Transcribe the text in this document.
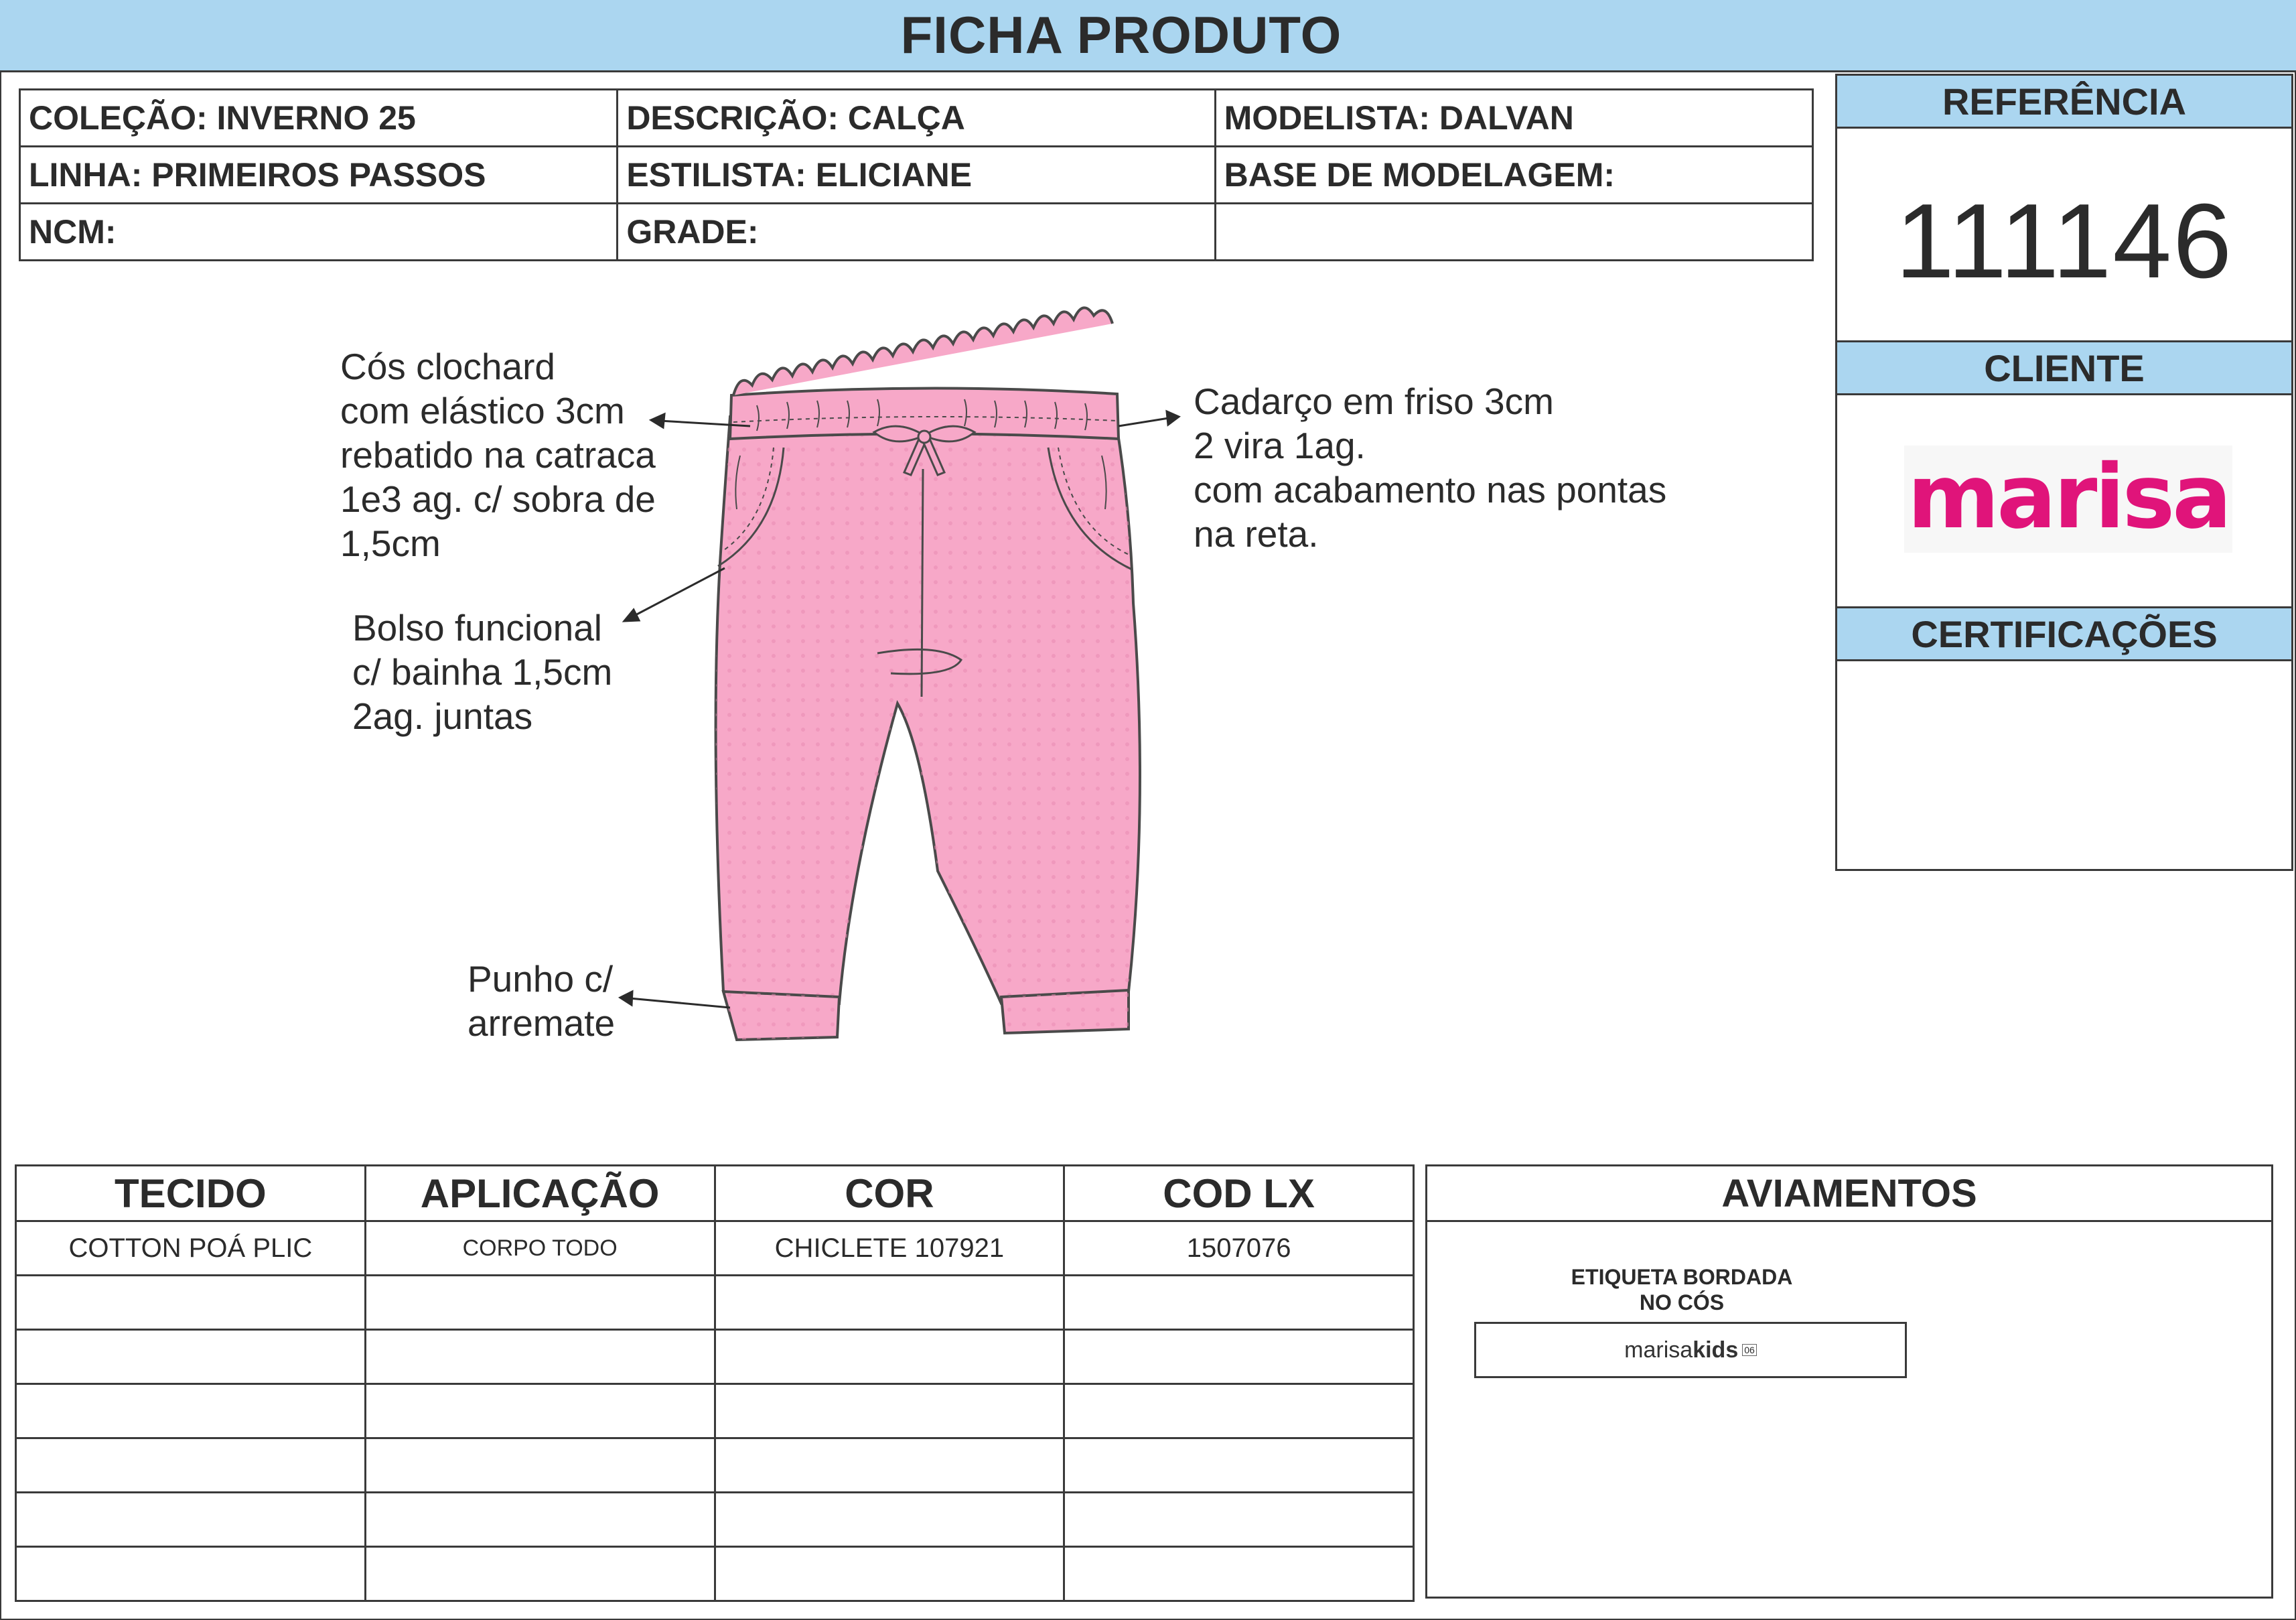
FICHA PRODUTO
COLEÇÃO: INVERNO 25	DESCRIÇÃO: CALÇA	MODELISTA: DALVAN
LINHA: PRIMEIROS PASSOS	ESTILISTA: ELICIANE	BASE DE MODELAGEM:
NCM:	GRADE:	
REFERÊNCIA
111146
CLIENTE
marisa
CERTIFICAÇÕES
Cós clochard
com elástico 3cm
rebatido na catraca
1e3 ag. c/ sobra de
1,5cm
Cadarço em friso 3cm
2 vira 1ag.
com acabamento nas pontas
na reta.
Bolso funcional
c/ bainha 1,5cm
2ag. juntas
Punho c/
arremate
TECIDO	APLICAÇÃO	COR	COD LX
COTTON POÁ PLIC	CORPO TODO	CHICLETE 107921	1507076

AVIAMENTOS
ETIQUETA BORDADA
NO CÓS
marisakids 06
